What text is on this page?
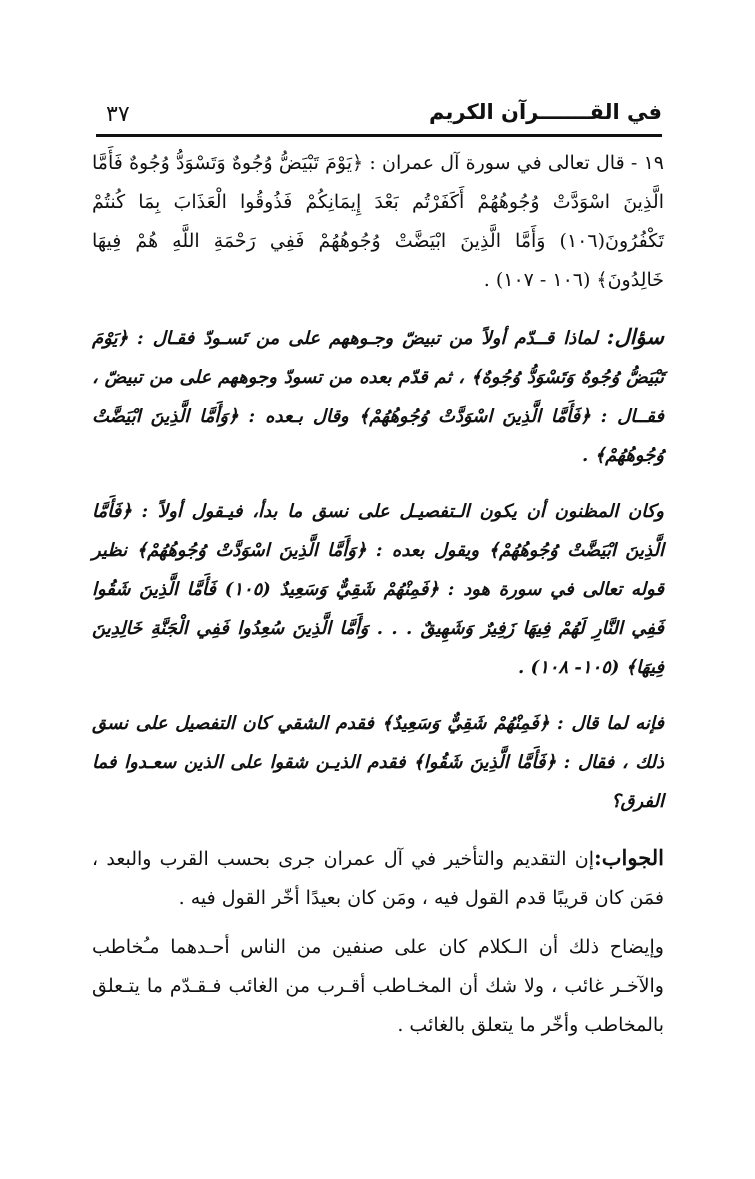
٣٧	في القـــــــرآن الكريم

١٩ - قال تعالى في سورة آل عمران : ﴿يَوْمَ تَبْيَضُّ وُجُوهٌ وَتَسْوَدُّ وُجُوهٌ فَأَمَّا الَّذِينَ اسْوَدَّتْ وُجُوهُهُمْ أَكَفَرْتُم بَعْدَ إِيمَانِكُمْ فَذُوقُوا الْعَذَابَ بِمَا كُنتُمْ تَكْفُرُونَ(١٠٦) وَأَمَّا الَّذِينَ ابْيَضَّتْ وُجُوهُهُمْ فَفِي رَحْمَةِ اللَّهِ هُمْ فِيهَا خَالِدُونَ﴾ (١٠٦ - ١٠٧) .

سؤال: لماذا قــدّم أولاً من تبيضّ وجـوههم على من تَسـودّ فقـال : ﴿يَوْمَ تَبْيَضُّ وُجُوهٌ وَتَسْوَدُّ وُجُوهٌ﴾ ، ثم قدّم بعده من تسودّ وجوههم على من تبيضّ ، فقــال : ﴿فَأَمَّا الَّذِينَ اسْوَدَّتْ وُجُوهُهُمْ﴾ وقال بـعده : ﴿وَأَمَّا الَّذِينَ ابْيَضَّتْ وُجُوهُهُمْ﴾ .

وكان المظنون أن يكون الـتفصيـل على نسق ما بدأ، فيـقول أولاً : ﴿فَأَمَّا الَّذِينَ ابْيَضَّتْ وُجُوهُهُمْ﴾ ويقول بعده : ﴿وَأَمَّا الَّذِينَ اسْوَدَّتْ وُجُوهُهُمْ﴾ نظير قوله تعالى في سورة هود : ﴿فَمِنْهُمْ شَقِيٌّ وَسَعِيدٌ (١٠٥) فَأَمَّا الَّذِينَ شَقُوا فَفِي النَّارِ لَهُمْ فِيهَا زَفِيرٌ وَشَهِيقٌ . . . وَأَمَّا الَّذِينَ سُعِدُوا فَفِي الْجَنَّةِ خَالِدِينَ فِيهَا﴾ (١٠٥- ١٠٨) .

فإنه لما قال : ﴿فَمِنْهُمْ شَقِيٌّ وَسَعِيدٌ﴾ فقدم الشقي كان التفصيل على نسق ذلك ، فقال : ﴿فَأَمَّا الَّذِينَ شَقُوا﴾ فقدم الذيـن شقوا على الذين سعـدوا فما الفرق؟

الجواب:إن التقديم والتأخير في آل عمران جرى بحسب القرب والبعد ، فمَن كان قريبًا قدم القول فيه ، ومَن كان بعيدًا أخّر القول فيه .

وإيضاح ذلك أن الـكلام كان على صنفين من الناس أحـدهما مـُخاطب والآخـر غائب ، ولا شك أن المخـاطب أقـرب من الغائب فـقـدّم ما يتـعلق بالمخاطب وأخّر ما يتعلق بالغائب .
